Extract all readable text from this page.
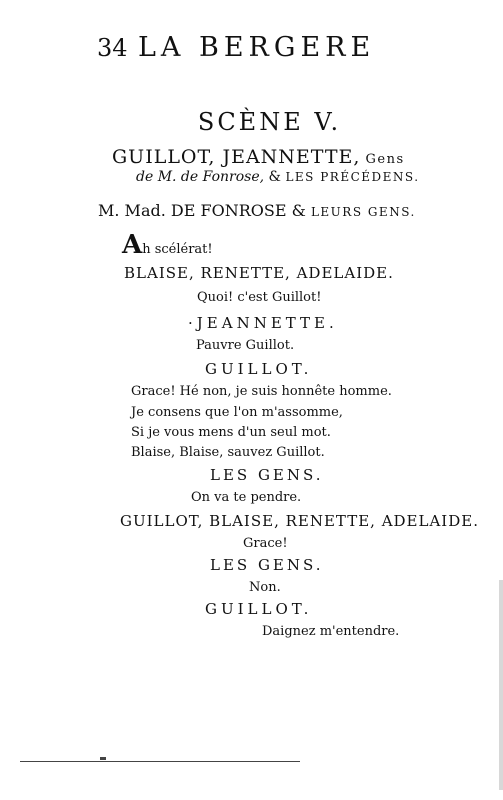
34 LA BERGERE
SCÈNE V.
GUILLOT, JEANNETTE, Gens
de M. de Fonrose, & LES PRÉCÉDENS.
M. Mad. DE FONROSE & LEURS GENS.
Ah scélérat!
BLAISE, RENETTE, ADELAIDE.
Quoi! c'est Guillot!
·JEANNETTE.
Pauvre Guillot.
GUILLOT.
Grace! Hé non, je suis honnête homme.
Je consens que l'on m'assomme,
Si je vous mens d'un seul mot.
Blaise, Blaise, sauvez Guillot.
LES GENS.
On va te pendre.
GUILLOT, BLAISE, RENETTE, ADELAIDE.
Grace!
LES GENS.
Non.
GUILLOT.
Daignez m'entendre.
